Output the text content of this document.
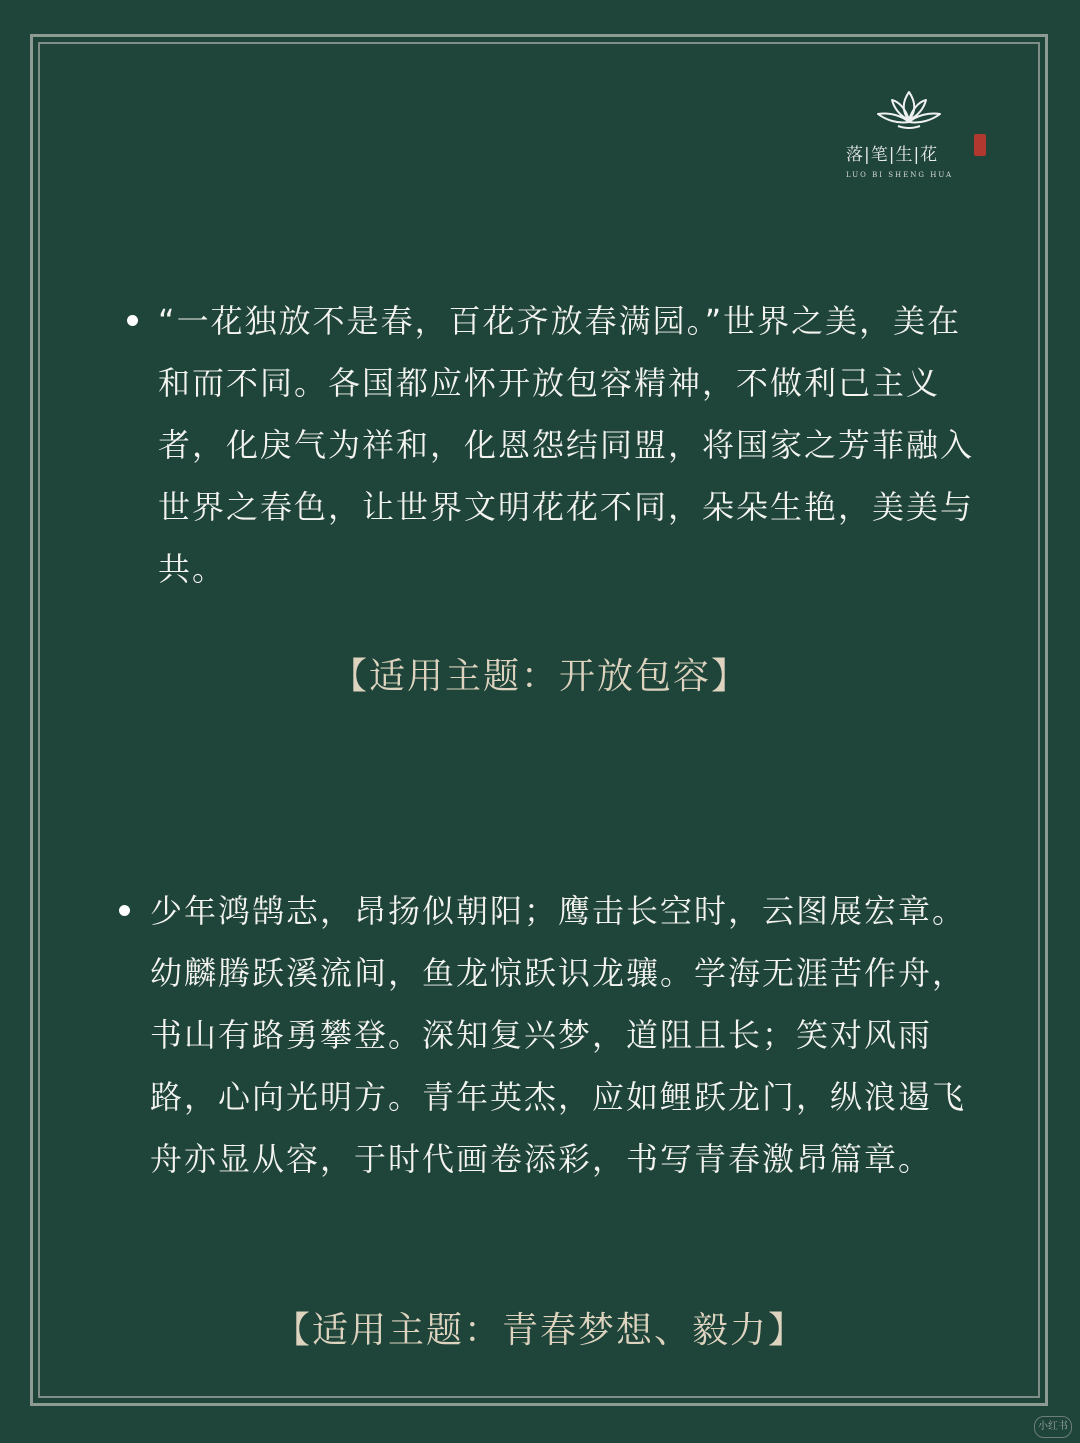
落|笔|生|花
LUO BI SHENG HUA
“一花独放不是春，百花齐放春满园。”世界之美，美在和而不同。各国都应怀开放包容精神，不做利己主义者，化戾气为祥和，化恩怨结同盟，将国家之芳菲融入世界之春色，让世界文明花花不同，朵朵生艳，美美与共。
【适用主题：开放包容】
少年鸿鹄志，昂扬似朝阳；鹰击长空时，云图展宏章。幼麟腾跃溪流间，鱼龙惊跃识龙骧。学海无涯苦作舟，书山有路勇攀登。深知复兴梦，道阻且长；笑对风雨路，心向光明方。青年英杰，应如鲤跃龙门，纵浪遏飞舟亦显从容，于时代画卷添彩，书写青春激昂篇章。
【适用主题：青春梦想、毅力】
小红书
